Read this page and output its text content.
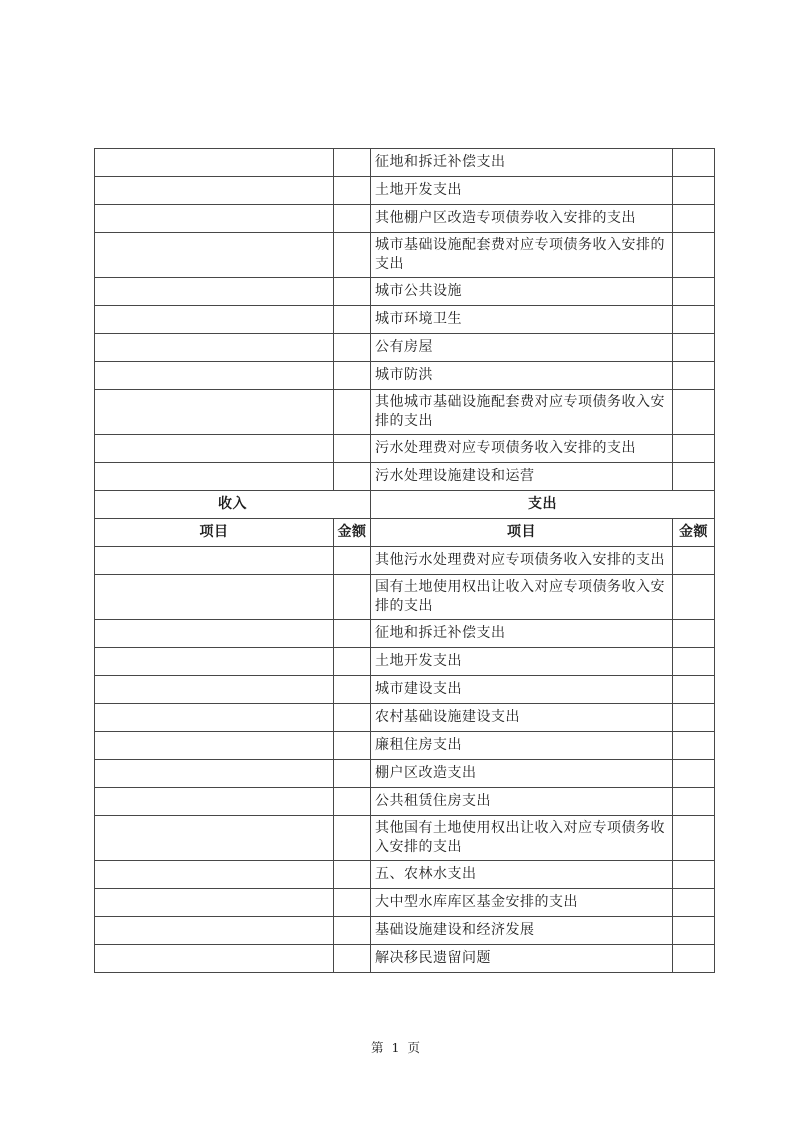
		征地和拆迁补偿支出	
		土地开发支出	
		其他棚户区改造专项债券收入安排的支出	
		城市基础设施配套费对应专项债务收入安排的支出	
		城市公共设施	
		城市环境卫生	
		公有房屋	
		城市防洪	
		其他城市基础设施配套费对应专项债务收入安排的支出	
		污水处理费对应专项债务收入安排的支出	
		污水处理设施建设和运营	
收入		支出	
项目	金额	项目	金额
		其他污水处理费对应专项债务收入安排的支出	
		国有土地使用权出让收入对应专项债务收入安排的支出	
		征地和拆迁补偿支出	
		土地开发支出	
		城市建设支出	
		农村基础设施建设支出	
		廉租住房支出	
		棚户区改造支出	
		公共租赁住房支出	
		其他国有土地使用权出让收入对应专项债务收入安排的支出	
		五、农林水支出	
		大中型水库库区基金安排的支出	
		基础设施建设和经济发展	
		解决移民遗留问题	
第 1 页
